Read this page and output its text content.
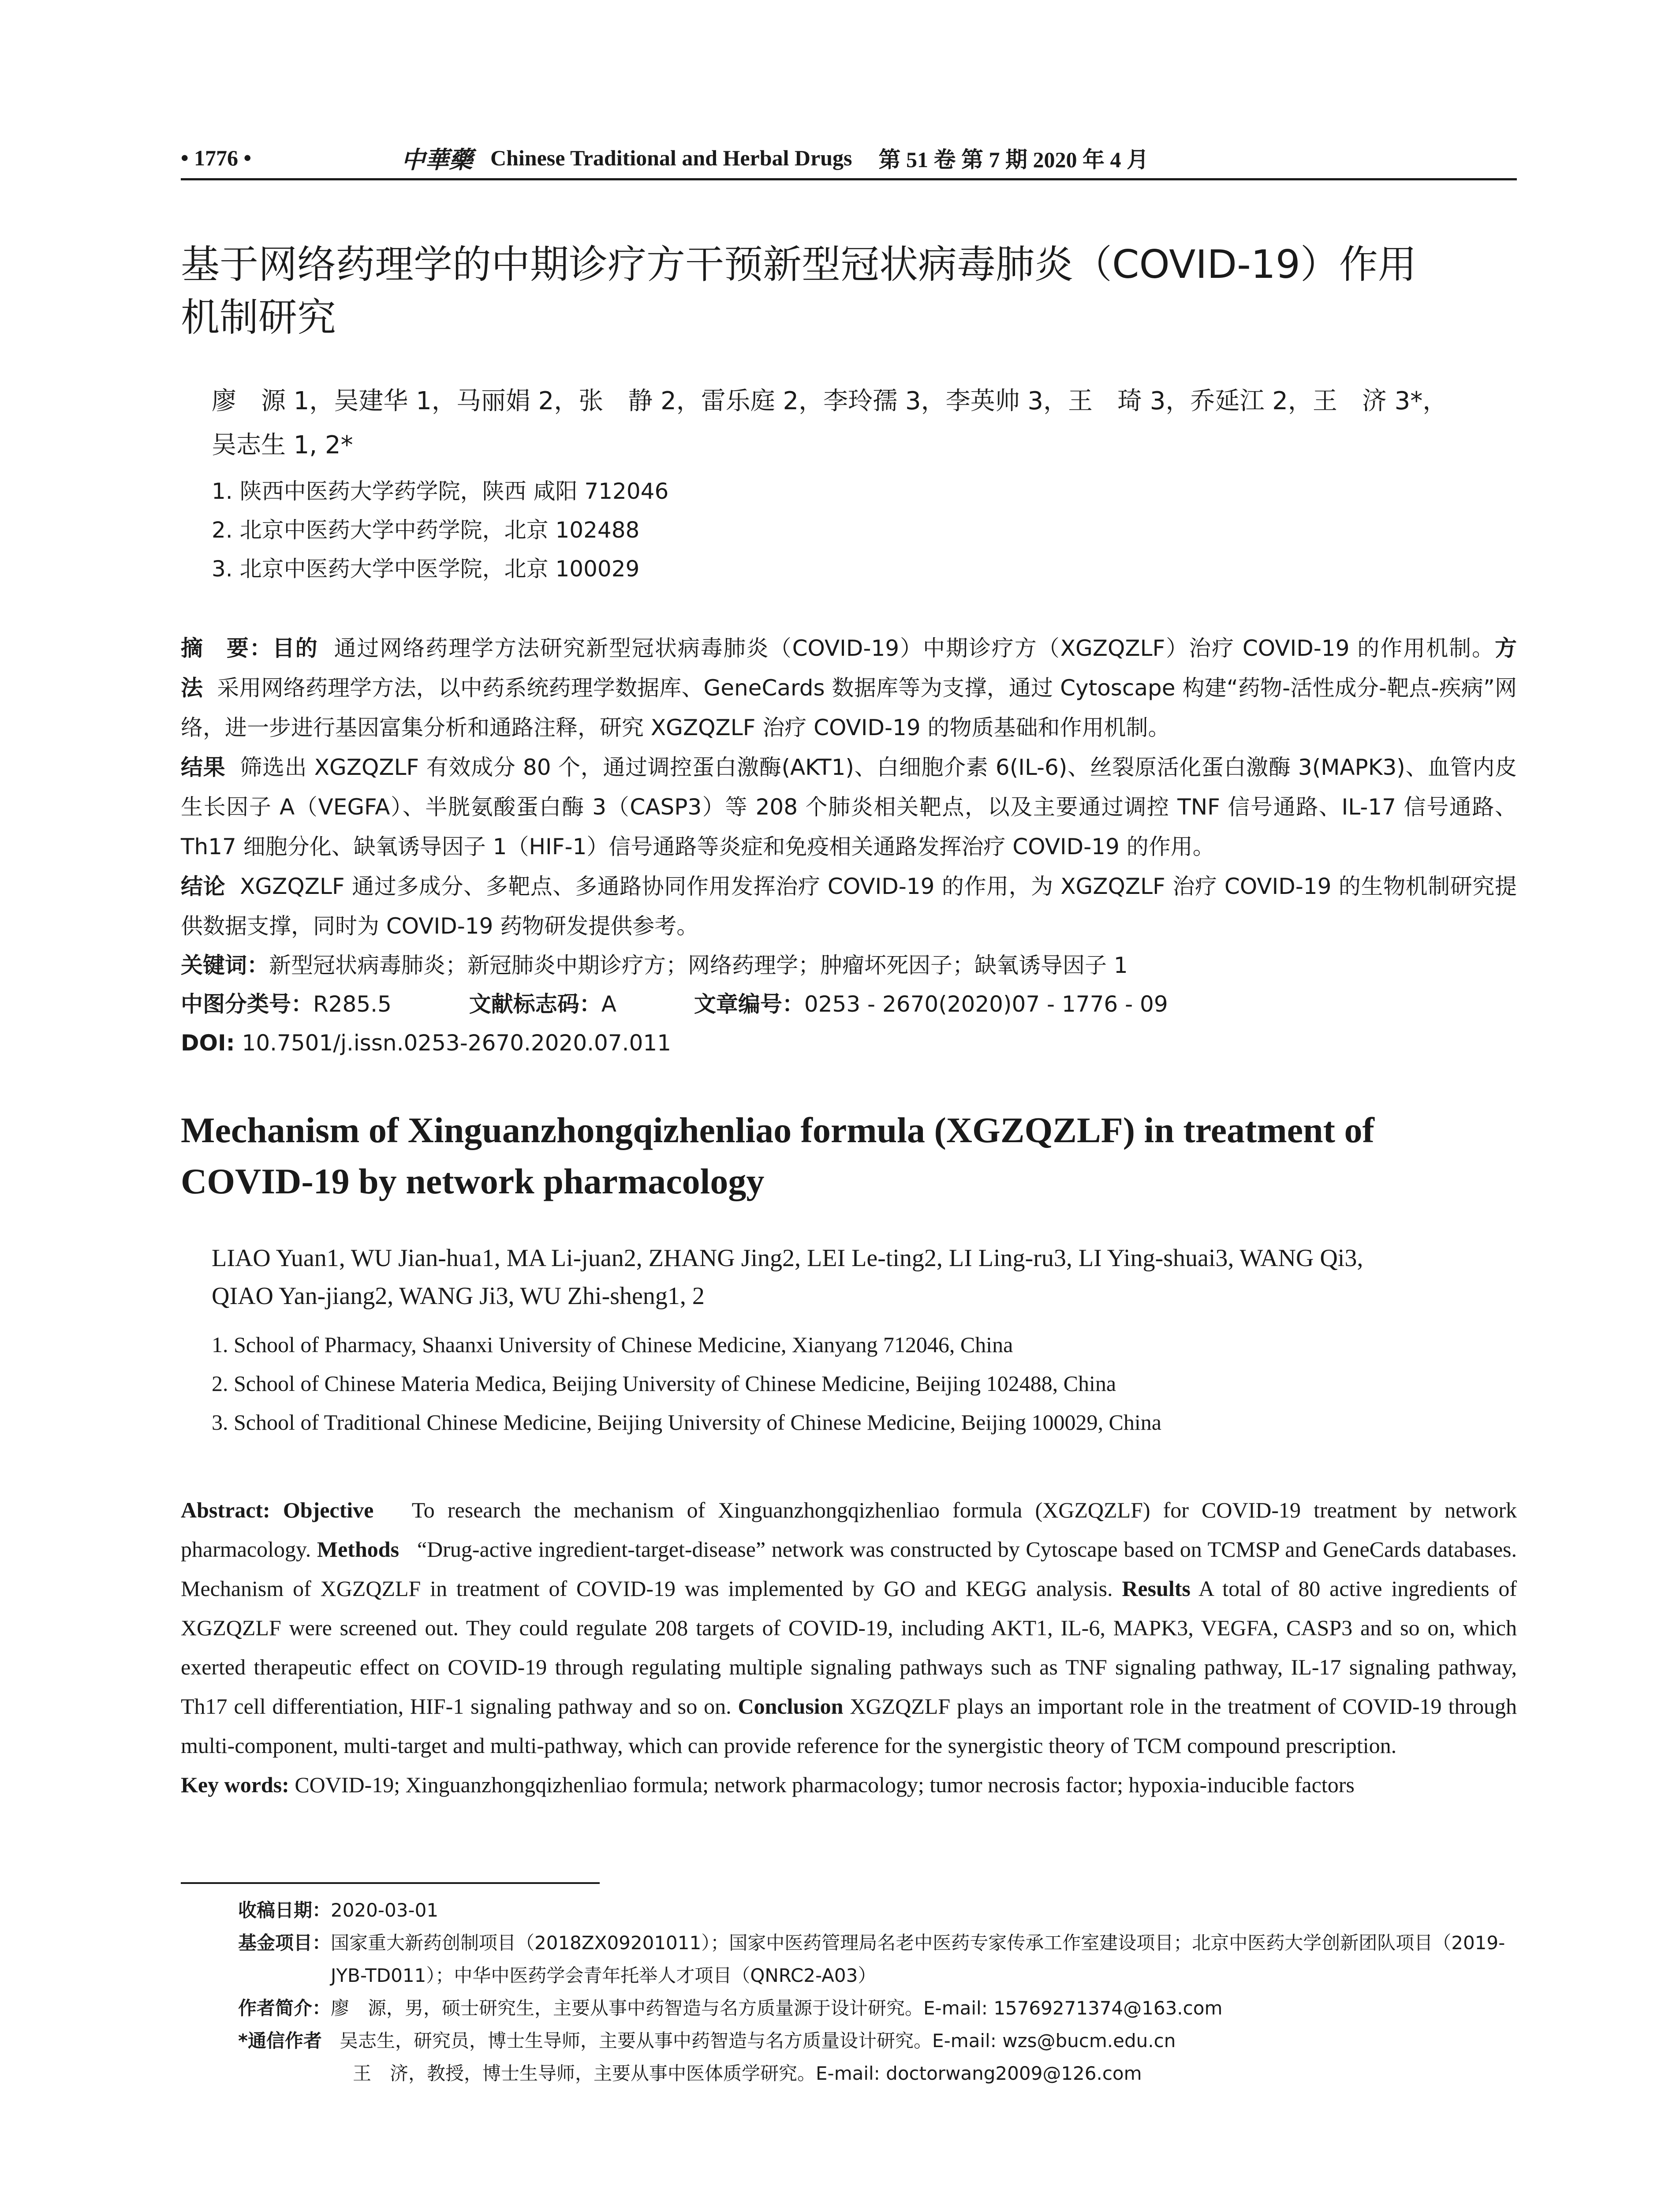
• 1776 •	中華藥 Chinese Traditional and Herbal Drugs 第 51 卷 第 7 期 2020 年 4 月
基于网络药理学的中期诊疗方干预新型冠状病毒肺炎（COVID-19）作用
机制研究
廖　源 1，吴建华 1，马丽娟 2，张　静 2，雷乐庭 2，李玲孺 3，李英帅 3，王　琦 3，乔延江 2，王　济 3*，
吴志生 1, 2*
1. 陕西中医药大学药学院，陕西 咸阳 712046
2. 北京中医药大学中药学院，北京 102488
3. 北京中医药大学中医学院，北京 100029

摘　要：目的 通过网络药理学方法研究新型冠状病毒肺炎（COVID-19）中期诊疗方（XGZQZLF）治疗 COVID-19 的作用机制。方法 采用网络药理学方法，以中药系统药理学数据库、GeneCards 数据库等为支撑，通过 Cytoscape 构建“药物-活性成分-靶点-疾病”网络，进一步进行基因富集分析和通路注释，研究 XGZQZLF 治疗 COVID-19 的物质基础和作用机制。

结果 筛选出 XGZQZLF 有效成分 80 个，通过调控蛋白激酶(AKT1)、白细胞介素 6(IL-6)、丝裂原活化蛋白激酶 3(MAPK3)、血管内皮生长因子 A（VEGFA）、半胱氨酸蛋白酶 3（CASP3）等 208 个肺炎相关靶点，以及主要通过调控 TNF 信号通路、IL-17 信号通路、Th17 细胞分化、缺氧诱导因子 1（HIF-1）信号通路等炎症和免疫相关通路发挥治疗 COVID-19 的作用。

结论 XGZQZLF 通过多成分、多靶点、多通路协同作用发挥治疗 COVID-19 的作用，为 XGZQZLF 治疗 COVID-19 的生物机制研究提供数据支撑，同时为 COVID-19 药物研发提供参考。

关键词：新型冠状病毒肺炎；新冠肺炎中期诊疗方；网络药理学；肿瘤坏死因子；缺氧诱导因子 1
中图分类号：R285.5	文献标志码：A	文章编号：0253 - 2670(2020)07 - 1776 - 09
DOI: 10.7501/j.issn.0253-2670.2020.07.011
Mechanism of Xinguanzhongqizhenliao formula (XGZQZLF) in treatment of
COVID-19 by network pharmacology
LIAO Yuan1, WU Jian-hua1, MA Li-juan2, ZHANG Jing2, LEI Le-ting2, LI Ling-ru3, LI Ying-shuai3, WANG Qi3,
QIAO Yan-jiang2, WANG Ji3, WU Zhi-sheng1, 2
1. School of Pharmacy, Shaanxi University of Chinese Medicine, Xianyang 712046, China
2. School of Chinese Materia Medica, Beijing University of Chinese Medicine, Beijing 102488, China
3. School of Traditional Chinese Medicine, Beijing University of Chinese Medicine, Beijing 100029, China

Abstract: Objective To research the mechanism of Xinguanzhongqizhenliao formula (XGZQZLF) for COVID-19 treatment by network pharmacology. Methods “Drug-active ingredient-target-disease” network was constructed by Cytoscape based on TCMSP and GeneCards databases. Mechanism of XGZQZLF in treatment of COVID-19 was implemented by GO and KEGG analysis. Results A total of 80 active ingredients of XGZQZLF were screened out. They could regulate 208 targets of COVID-19, including AKT1, IL-6, MAPK3, VEGFA, CASP3 and so on, which exerted therapeutic effect on COVID-19 through regulating multiple signaling pathways such as TNF signaling pathway, IL-17 signaling pathway, Th17 cell differentiation, HIF-1 signaling pathway and so on. Conclusion XGZQZLF plays an important role in the treatment of COVID-19 through multi-component, multi-target and multi-pathway, which can provide reference for the synergistic theory of TCM compound prescription.

Key words: COVID-19; Xinguanzhongqizhenliao formula; network pharmacology; tumor necrosis factor; hypoxia-inducible factors

收稿日期： 2020-03-01
基金项目： 国家重大新药创制项目（2018ZX09201011）；国家中医药管理局名老中医药专家传承工作室建设项目；北京中医药大学创新团队项目（2019-JYB-TD011）；中华中医药学会青年托举人才项目（QNRC2-A03）
作者简介： 廖　源，男，硕士研究生，主要从事中药智造与名方质量源于设计研究。E-mail: 15769271374@163.com
*通信作者
吴志生，研究员，博士生导师，主要从事中药智造与名方质量设计研究。E-mail: wzs@bucm.edu.cn
王　济，教授，博士生导师，主要从事中医体质学研究。E-mail: doctorwang2009@126.com
